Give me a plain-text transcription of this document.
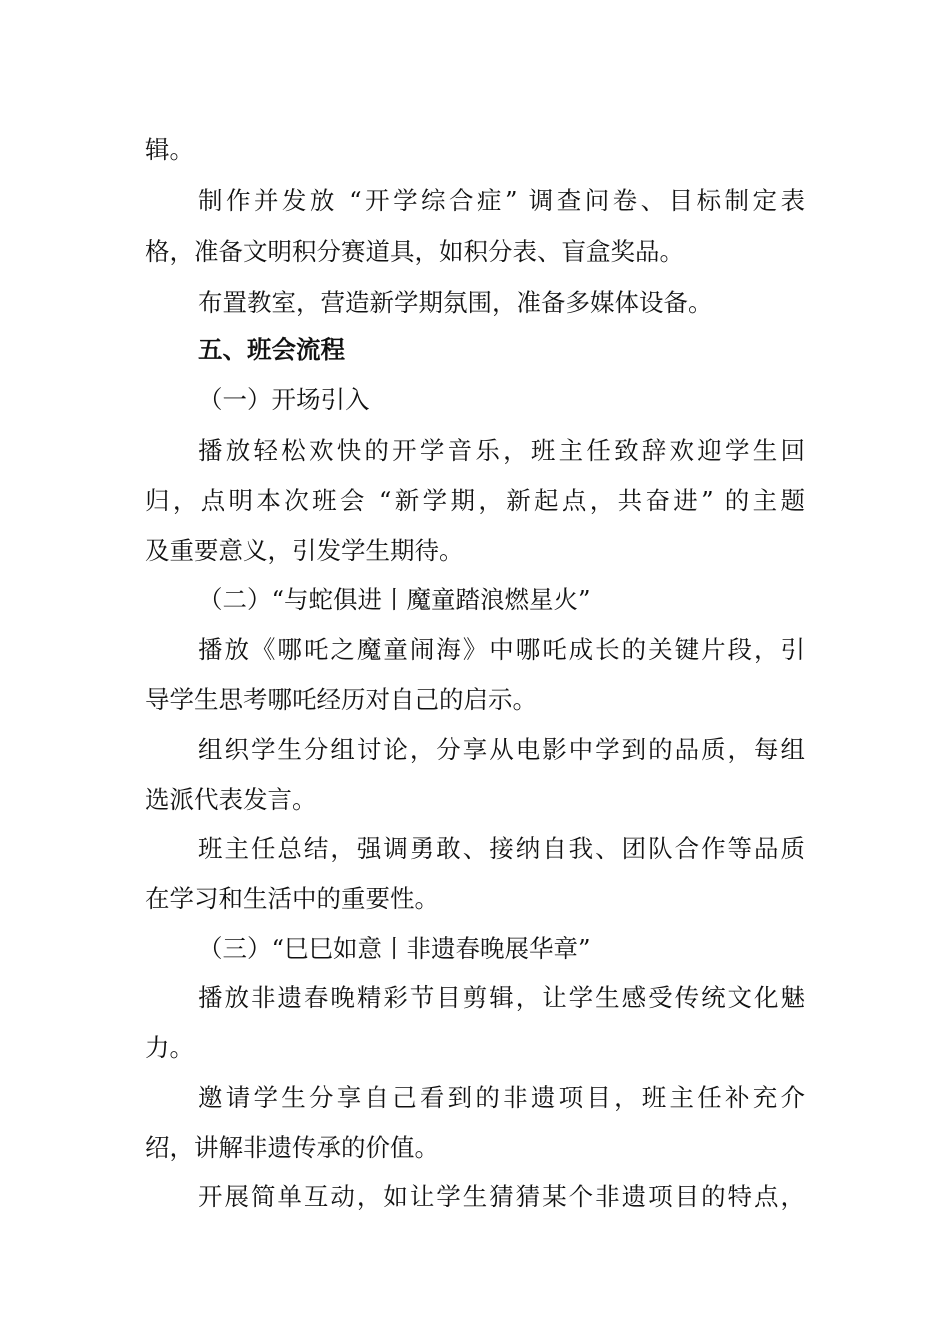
辑。
制作并发放 “开学综合症” 调查问卷、目标制定表
格，准备文明积分赛道具，如积分表、盲盒奖品。
布置教室，营造新学期氛围，准备多媒体设备。
五、班会流程
（一）开场引入
播放轻松欢快的开学音乐，班主任致辞欢迎学生回
归，点明本次班会 “新学期，新起点，共奋进” 的主题
及重要意义，引发学生期待。
（二）“与蛇俱进丨魔童踏浪燃星火”
播放《哪吒之魔童闹海》中哪吒成长的关键片段，引
导学生思考哪吒经历对自己的启示。
组织学生分组讨论，分享从电影中学到的品质，每组
选派代表发言。
班主任总结，强调勇敢、接纳自我、团队合作等品质
在学习和生活中的重要性。
（三）“巳巳如意丨非遗春晚展华章”
播放非遗春晚精彩节目剪辑，让学生感受传统文化魅
力。
邀请学生分享自己看到的非遗项目，班主任补充介
绍，讲解非遗传承的价值。
开展简单互动，如让学生猜猜某个非遗项目的特点，
